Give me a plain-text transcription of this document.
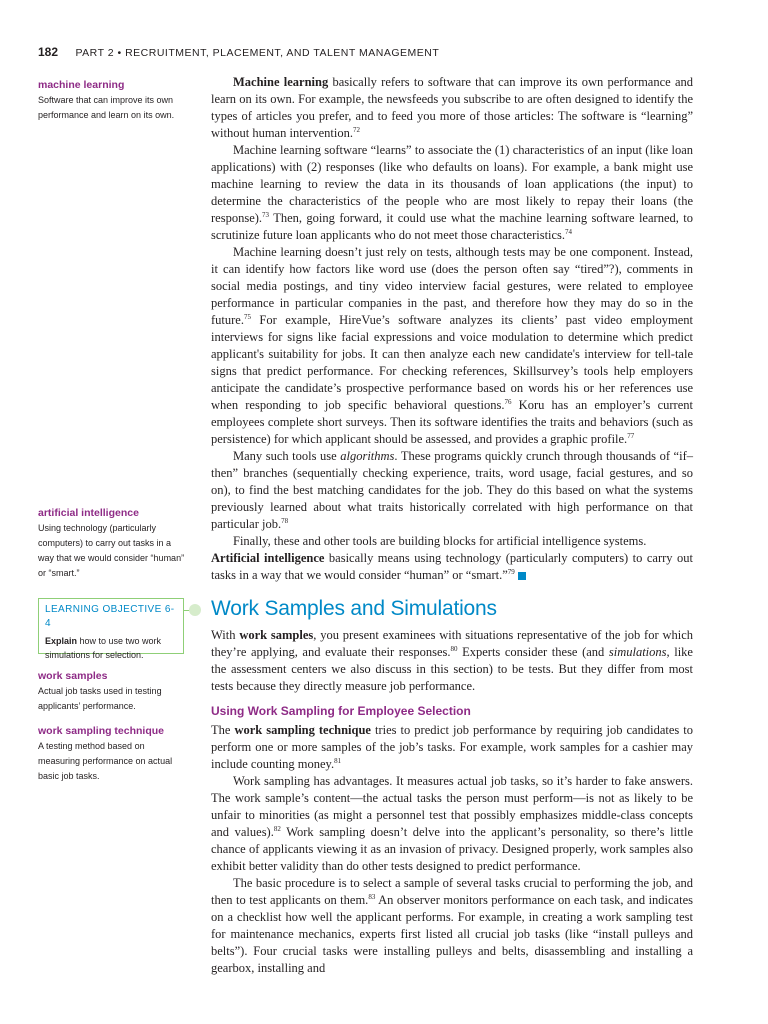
182 PART 2 • RECRUITMENT, PLACEMENT, AND TALENT MANAGEMENT
machine learning
Software that can improve its own performance and learn on its own.
artificial intelligence
Using technology (particularly computers) to carry out tasks in a way that we would consider “human” or “smart.”
LEARNING OBJECTIVE 6-4
Explain how to use two work simulations for selection.
work samples
Actual job tasks used in testing applicants’ performance.
work sampling technique
A testing method based on measuring performance on actual basic job tasks.

Machine learning basically refers to software that can improve its own performance and learn on its own. For example, the newsfeeds you subscribe to are often designed to identify the types of articles you prefer, and to feed you more of those articles: The software is “learning” without human intervention.$^{72}$

Machine learning software “learns” to associate the (1) characteristics of an input (like loan applications) with (2) responses (like who defaults on loans). For example, a bank might use machine learning to review the data in its thousands of loan applications (the input) to determine the characteristics of the people who are most likely to repay their loans (the response).$^{73}$ Then, going forward, it could use what the machine learning software learned, to scrutinize future loan applicants who do not meet those characteristics.$^{74}$

Machine learning doesn’t just rely on tests, although tests may be one component. Instead, it can identify how factors like word use (does the person often say “tired”?), comments in social media postings, and tiny video interview facial gestures, were related to employee performance in particular companies in the past, and therefore how they may do so in the future.$^{75}$ For example, HireVue’s software analyzes its clients’ past video employment interviews for signs like facial expressions and voice modulation to determine which predict applicant's suitability for jobs. It can then analyze each new candidate's interview for tell-tale signs that predict performance. For checking references, Skillsurvey’s tools help employers anticipate the candidate’s prospective performance based on words his or her references use when responding to job specific behavioral questions.$^{76}$ Koru has an employer’s current employees complete short surveys. Then its software identifies the traits and behaviors (such as persistence) for which applicant should be assessed, and provides a graphic profile.$^{77}$

Many such tools use algorithms. These programs quickly crunch through thousands of “if–then” branches (sequentially checking experience, traits, word usage, facial gestures, and so on), to find the best matching candidates for the job. They do this based on what the systems previously learned about what traits historically correlated with high performance on that particular job.$^{78}$

Finally, these and other tools are building blocks for artificial intelligence systems.

Artificial intelligence basically means using technology (particularly computers) to carry out tasks in a way that we would consider “human” or “smart.”$^{79}$

Work Samples and Simulations

With work samples, you present examinees with situations representative of the job for which they’re applying, and evaluate their responses.$^{80}$ Experts consider these (and simulations, like the assessment centers we also discuss in this section) to be tests. But they differ from most tests because they directly measure job performance.

Using Work Sampling for Employee Selection

The work sampling technique tries to predict job performance by requiring job candidates to perform one or more samples of the job’s tasks. For example, work samples for a cashier may include counting money.$^{81}$

Work sampling has advantages. It measures actual job tasks, so it’s harder to fake answers. The work sample’s content—the actual tasks the person must perform—is not as likely to be unfair to minorities (as might a personnel test that possibly emphasizes middle-class concepts and values).$^{82}$ Work sampling doesn’t delve into the applicant’s personality, so there’s little chance of applicants viewing it as an invasion of privacy. Designed properly, work samples also exhibit better validity than do other tests designed to predict performance.

The basic procedure is to select a sample of several tasks crucial to performing the job, and then to test applicants on them.$^{83}$ An observer monitors performance on each task, and indicates on a checklist how well the applicant performs. For example, in creating a work sampling test for maintenance mechanics, experts first listed all crucial job tasks (like “install pulleys and belts”). Four crucial tasks were installing pulleys and belts, disassembling and installing a gearbox, installing and
